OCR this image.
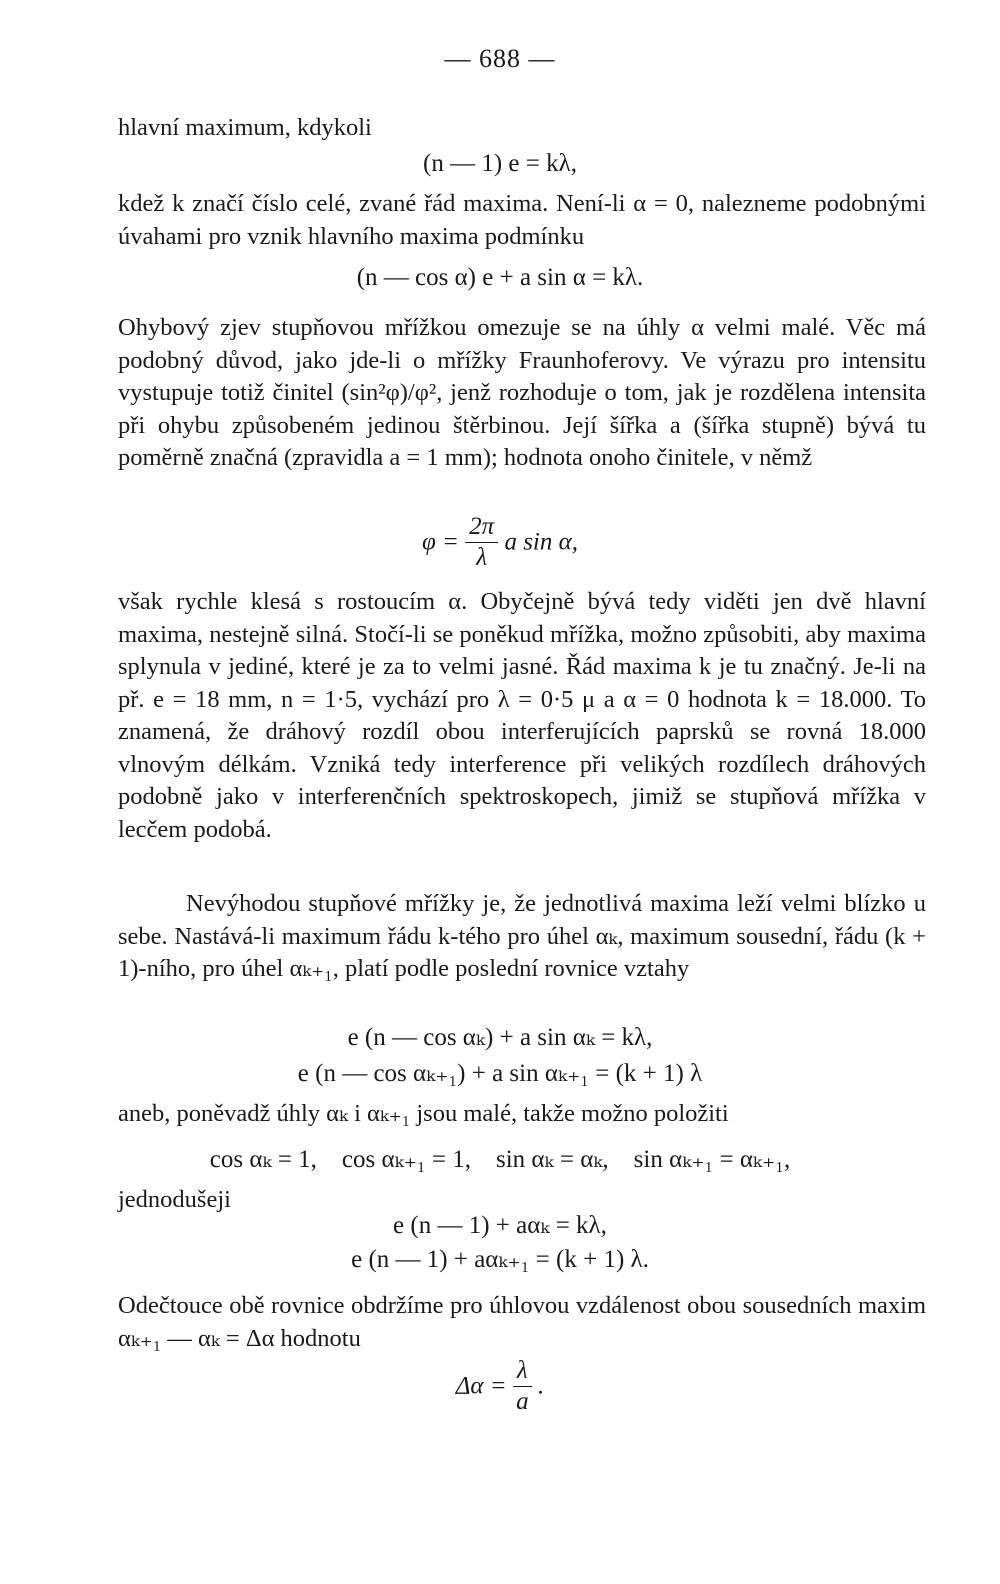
— 688 —
hlavní maximum, kdykoli
(n — 1) e = kλ,
kdež k značí číslo celé, zvané řád maxima. Není-li α = 0, nalezneme podobnými úvahami pro vznik hlavního maxima podmínku
(n — cos α) e + a sin α = kλ.
Ohybový zjev stupňovou mřížkou omezuje se na úhly α velmi malé. Věc má podobný důvod, jako jde-li o mřížky Fraunhoferovy. Ve výrazu pro intensitu vystupuje totiž činitel (sin²φ)/φ², jenž rozhoduje o tom, jak je rozdělena intensita při ohybu způsobeném jedinou štěrbinou. Její šířka a (šířka stupně) bývá tu poměrně značná (zpravidla a = 1 mm); hodnota onoho činitele, v němž
$\varphi = \frac{2\pi}{\lambda}$ a sin α,
však rychle klesá s rostoucím α. Obyčejně bývá tedy viděti jen dvě hlavní maxima, nestejně silná. Stočí-li se poněkud mřížka, možno způsobiti, aby maxima splynula v jediné, které je za to velmi jasné. Řád maxima k je tu značný. Je-li na př. e = 18 mm, n = 1·5, vychází pro λ = 0·5 μ a α = 0 hodnota k = 18.000. To znamená, že dráhový rozdíl obou interferujících paprsků se rovná 18.000 vlnovým délkám. Vzniká tedy interference při velikých rozdílech dráhových podobně jako v interferenčních spektroskopech, jimiž se stupňová mřížka v lecčem podobá.
Nevýhodou stupňové mřížky je, že jednotlivá maxima leží velmi blízko u sebe. Nastává-li maximum řádu k-tého pro úhel αₖ, maximum sousední, řádu (k + 1)-ního, pro úhel αₖ₊₁, platí podle poslední rovnice vztahy
e (n — cos αₖ) + a sin αₖ = kλ,
e (n — cos αₖ₊₁) + a sin αₖ₊₁ = (k + 1) λ
aneb, poněvadž úhly αₖ i αₖ₊₁ jsou malé, takže možno položiti
cos αₖ = 1,    cos αₖ₊₁ = 1,    sin αₖ = αₖ,    sin αₖ₊₁ = αₖ₊₁,
jednodušeji
e (n — 1) + aαₖ = kλ,
e (n — 1) + aαₖ₊₁ = (k + 1) λ.
Odečtouce obě rovnice obdržíme pro úhlovou vzdálenost obou sousedních maxim αₖ₊₁ — αₖ = Δα hodnotu
$\Delta\alpha = \frac{\lambda}{a}$ .
